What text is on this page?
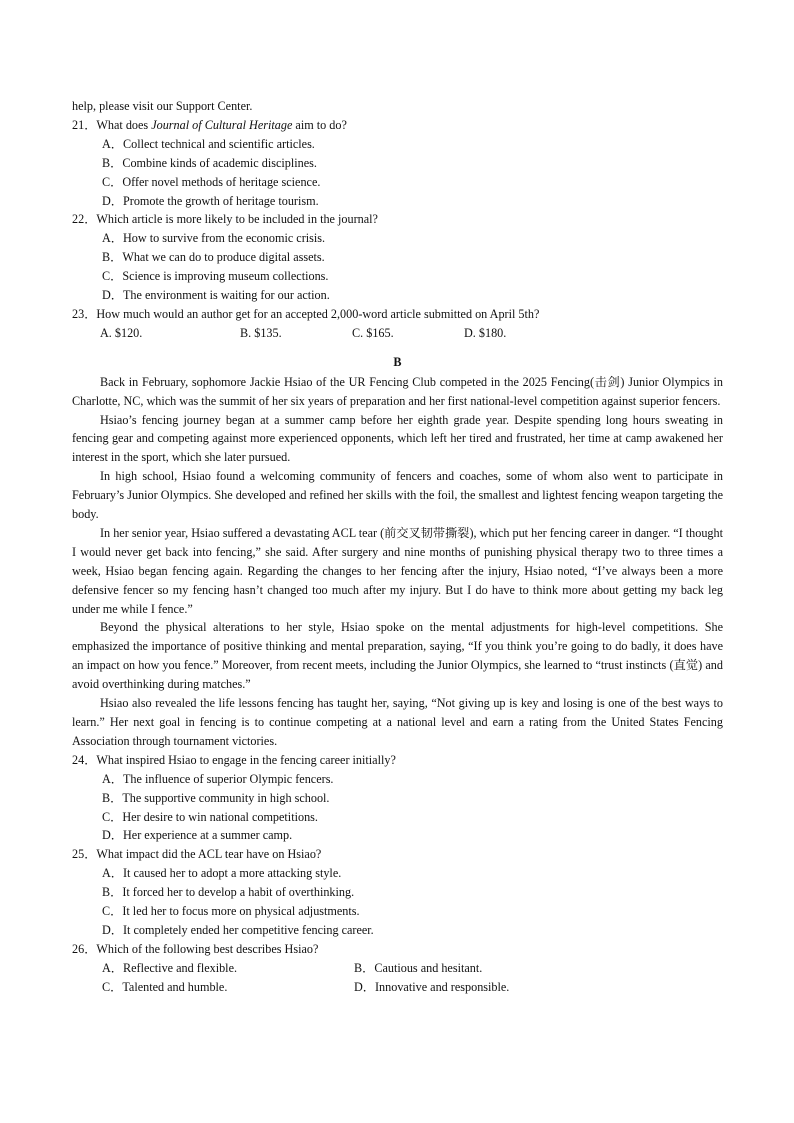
help, please visit our Support Center.
21．What does Journal of Cultural Heritage aim to do?
A．Collect technical and scientific articles.
B．Combine kinds of academic disciplines.
C．Offer novel methods of heritage science.
D．Promote the growth of heritage tourism.
22．Which article is more likely to be included in the journal?
A．How to survive from the economic crisis.
B．What we can do to produce digital assets.
C．Science is improving museum collections.
D．The environment is waiting for our action.
23．How much would an author get for an accepted 2,000-word article submitted on April 5th?
A. $120.	B. $135.	C. $165.	D. $180.
B
Back in February, sophomore Jackie Hsiao of the UR Fencing Club competed in the 2025 Fencing(击剑) Junior Olympics in Charlotte, NC, which was the summit of her six years of preparation and her first national-level competition against superior fencers.
Hsiao’s fencing journey began at a summer camp before her eighth grade year. Despite spending long hours sweating in fencing gear and competing against more experienced opponents, which left her tired and frustrated, her time at camp awakened her interest in the sport, which she later pursued.
In high school, Hsiao found a welcoming community of fencers and coaches, some of whom also went to participate in February’s Junior Olympics. She developed and refined her skills with the foil, the smallest and lightest fencing weapon targeting the body.
In her senior year, Hsiao suffered a devastating ACL tear (前交叉韧带撕裂), which put her fencing career in danger. “I thought I would never get back into fencing,” she said. After surgery and nine months of punishing physical therapy two to three times a week, Hsiao began fencing again. Regarding the changes to her fencing after the injury, Hsiao noted, “I’ve always been a more defensive fencer so my fencing hasn’t changed too much after my injury. But I do have to think more about getting my back leg under me while I fence.”
Beyond the physical alterations to her style, Hsiao spoke on the mental adjustments for high-level competitions. She emphasized the importance of positive thinking and mental preparation, saying, “If you think you’re going to do badly, it does have an impact on how you fence.” Moreover, from recent meets, including the Junior Olympics, she learned to “trust instincts (直觉) and avoid overthinking during matches.”
Hsiao also revealed the life lessons fencing has taught her, saying, “Not giving up is key and losing is one of the best ways to learn.” Her next goal in fencing is to continue competing at a national level and earn a rating from the United States Fencing Association through tournament victories.
24．What inspired Hsiao to engage in the fencing career initially?
A．The influence of superior Olympic fencers.
B．The supportive community in high school.
C．Her desire to win national competitions.
D．Her experience at a summer camp.
25．What impact did the ACL tear have on Hsiao?
A．It caused her to adopt a more attacking style.
B．It forced her to develop a habit of overthinking.
C．It led her to focus more on physical adjustments.
D．It completely ended her competitive fencing career.
26．Which of the following best describes Hsiao?
A．Reflective and flexible.	B．Cautious and hesitant.
C．Talented and humble.	D．Innovative and responsible.
